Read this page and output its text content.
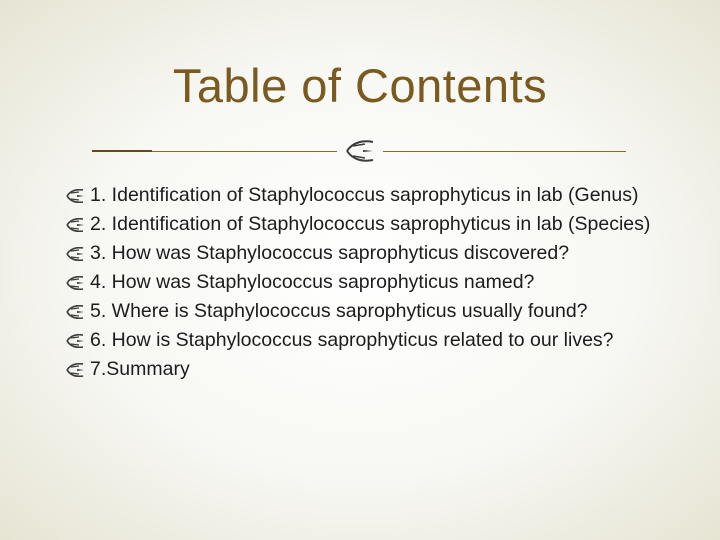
Table of Contents
1. Identification of Staphylococcus saprophyticus in lab (Genus)
2. Identification of Staphylococcus saprophyticus in lab (Species)
3. How was Staphylococcus saprophyticus discovered?
4. How was Staphylococcus saprophyticus named?
5. Where is Staphylococcus saprophyticus usually found?
6. How is Staphylococcus saprophyticus related to our lives?
7.Summary
